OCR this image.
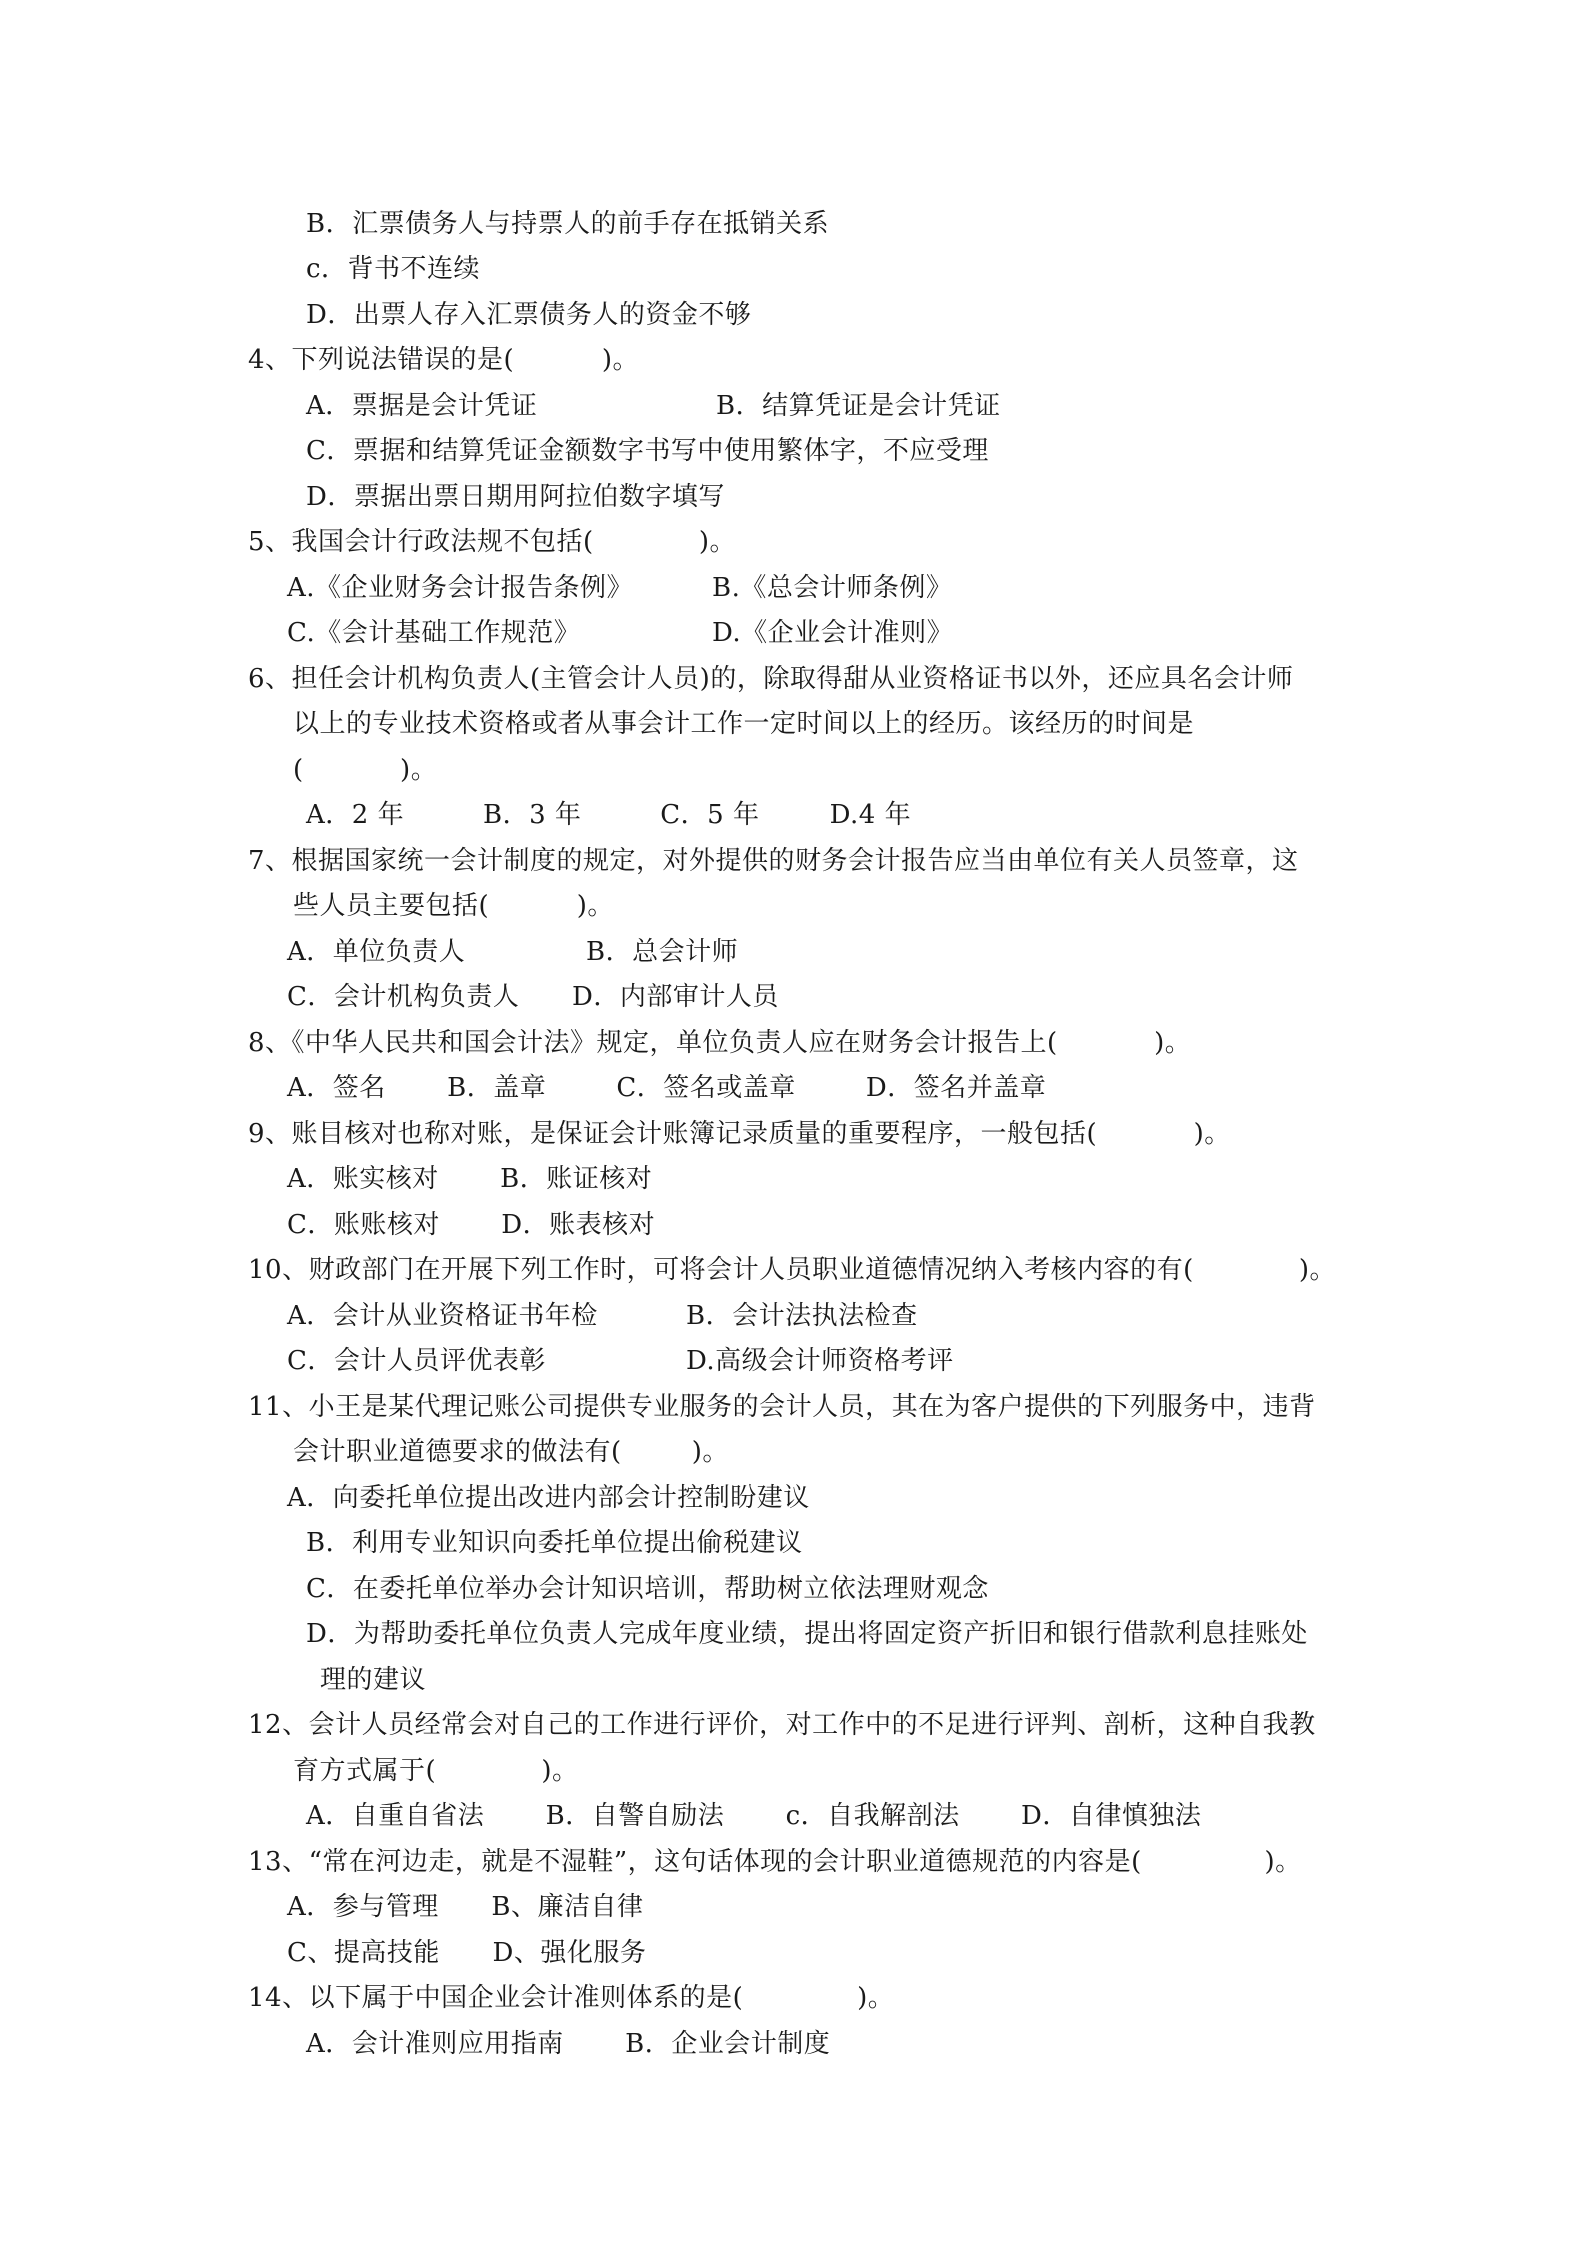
B．汇票债务人与持票人的前手存在抵销关系
c．背书不连续
D．出票人存入汇票债务人的资金不够
4、下列说法错误的是(          )。
A．票据是会计凭证	B．结算凭证是会计凭证
C．票据和结算凭证金额数字书写中使用繁体字，不应受理
D．票据出票日期用阿拉伯数字填写
5、我国会计行政法规不包括(            )。
A.《企业财务会计报告条例》	B.《总会计师条例》
C.《会计基础工作规范》	D.《企业会计准则》
6、担任会计机构负责人(主管会计人员)的，除取得甜从业资格证书以外，还应具名会计师
以上的专业技术资格或者从事会计工作一定时间以上的经历。该经历的时间是
(           )。
A．2 年         B．3 年         C．5 年        D.4 年
7、根据国家统一会计制度的规定，对外提供的财务会计报告应当由单位有关人员签章，这
些人员主要包括(          )。
A．单位负责人	B．总会计师
C．会计机构负责人      D．内部审计人员
8、《中华人民共和国会计法》规定，单位负责人应在财务会计报告上(           )。
A．签名       B．盖章        C．签名或盖章        D．签名并盖章
9、账目核对也称对账，是保证会计账簿记录质量的重要程序，一般包括(           )。
A．账实核对       B．账证核对
C．账账核对       D．账表核对
10、财政部门在开展下列工作时，可将会计人员职业道德情况纳入考核内容的有(            )。
A．会计从业资格证书年检	B．会计法执法检查
C．会计人员评优表彰	D.高级会计师资格考评
11、小王是某代理记账公司提供专业服务的会计人员，其在为客户提供的下列服务中，违背
会计职业道德要求的做法有(        )。
A．向委托单位提出改进内部会计控制盼建议
B．利用专业知识向委托单位提出偷税建议
C．在委托单位举办会计知识培训，帮助树立依法理财观念
D．为帮助委托单位负责人完成年度业绩，提出将固定资产折旧和银行借款利息挂账处
理的建议
12、会计人员经常会对自己的工作进行评价，对工作中的不足进行评判、剖析，这种自我教
育方式属于(            )。
A．自重自省法       B．自警自励法       c．自我解剖法       D．自律慎独法
13、“常在河边走，就是不湿鞋”，这句话体现的会计职业道德规范的内容是(              )。
A．参与管理      B、廉洁自律
C、提高技能      D、强化服务
14、以下属于中国企业会计准则体系的是(             )。
A．会计准则应用指南       B．企业会计制度
